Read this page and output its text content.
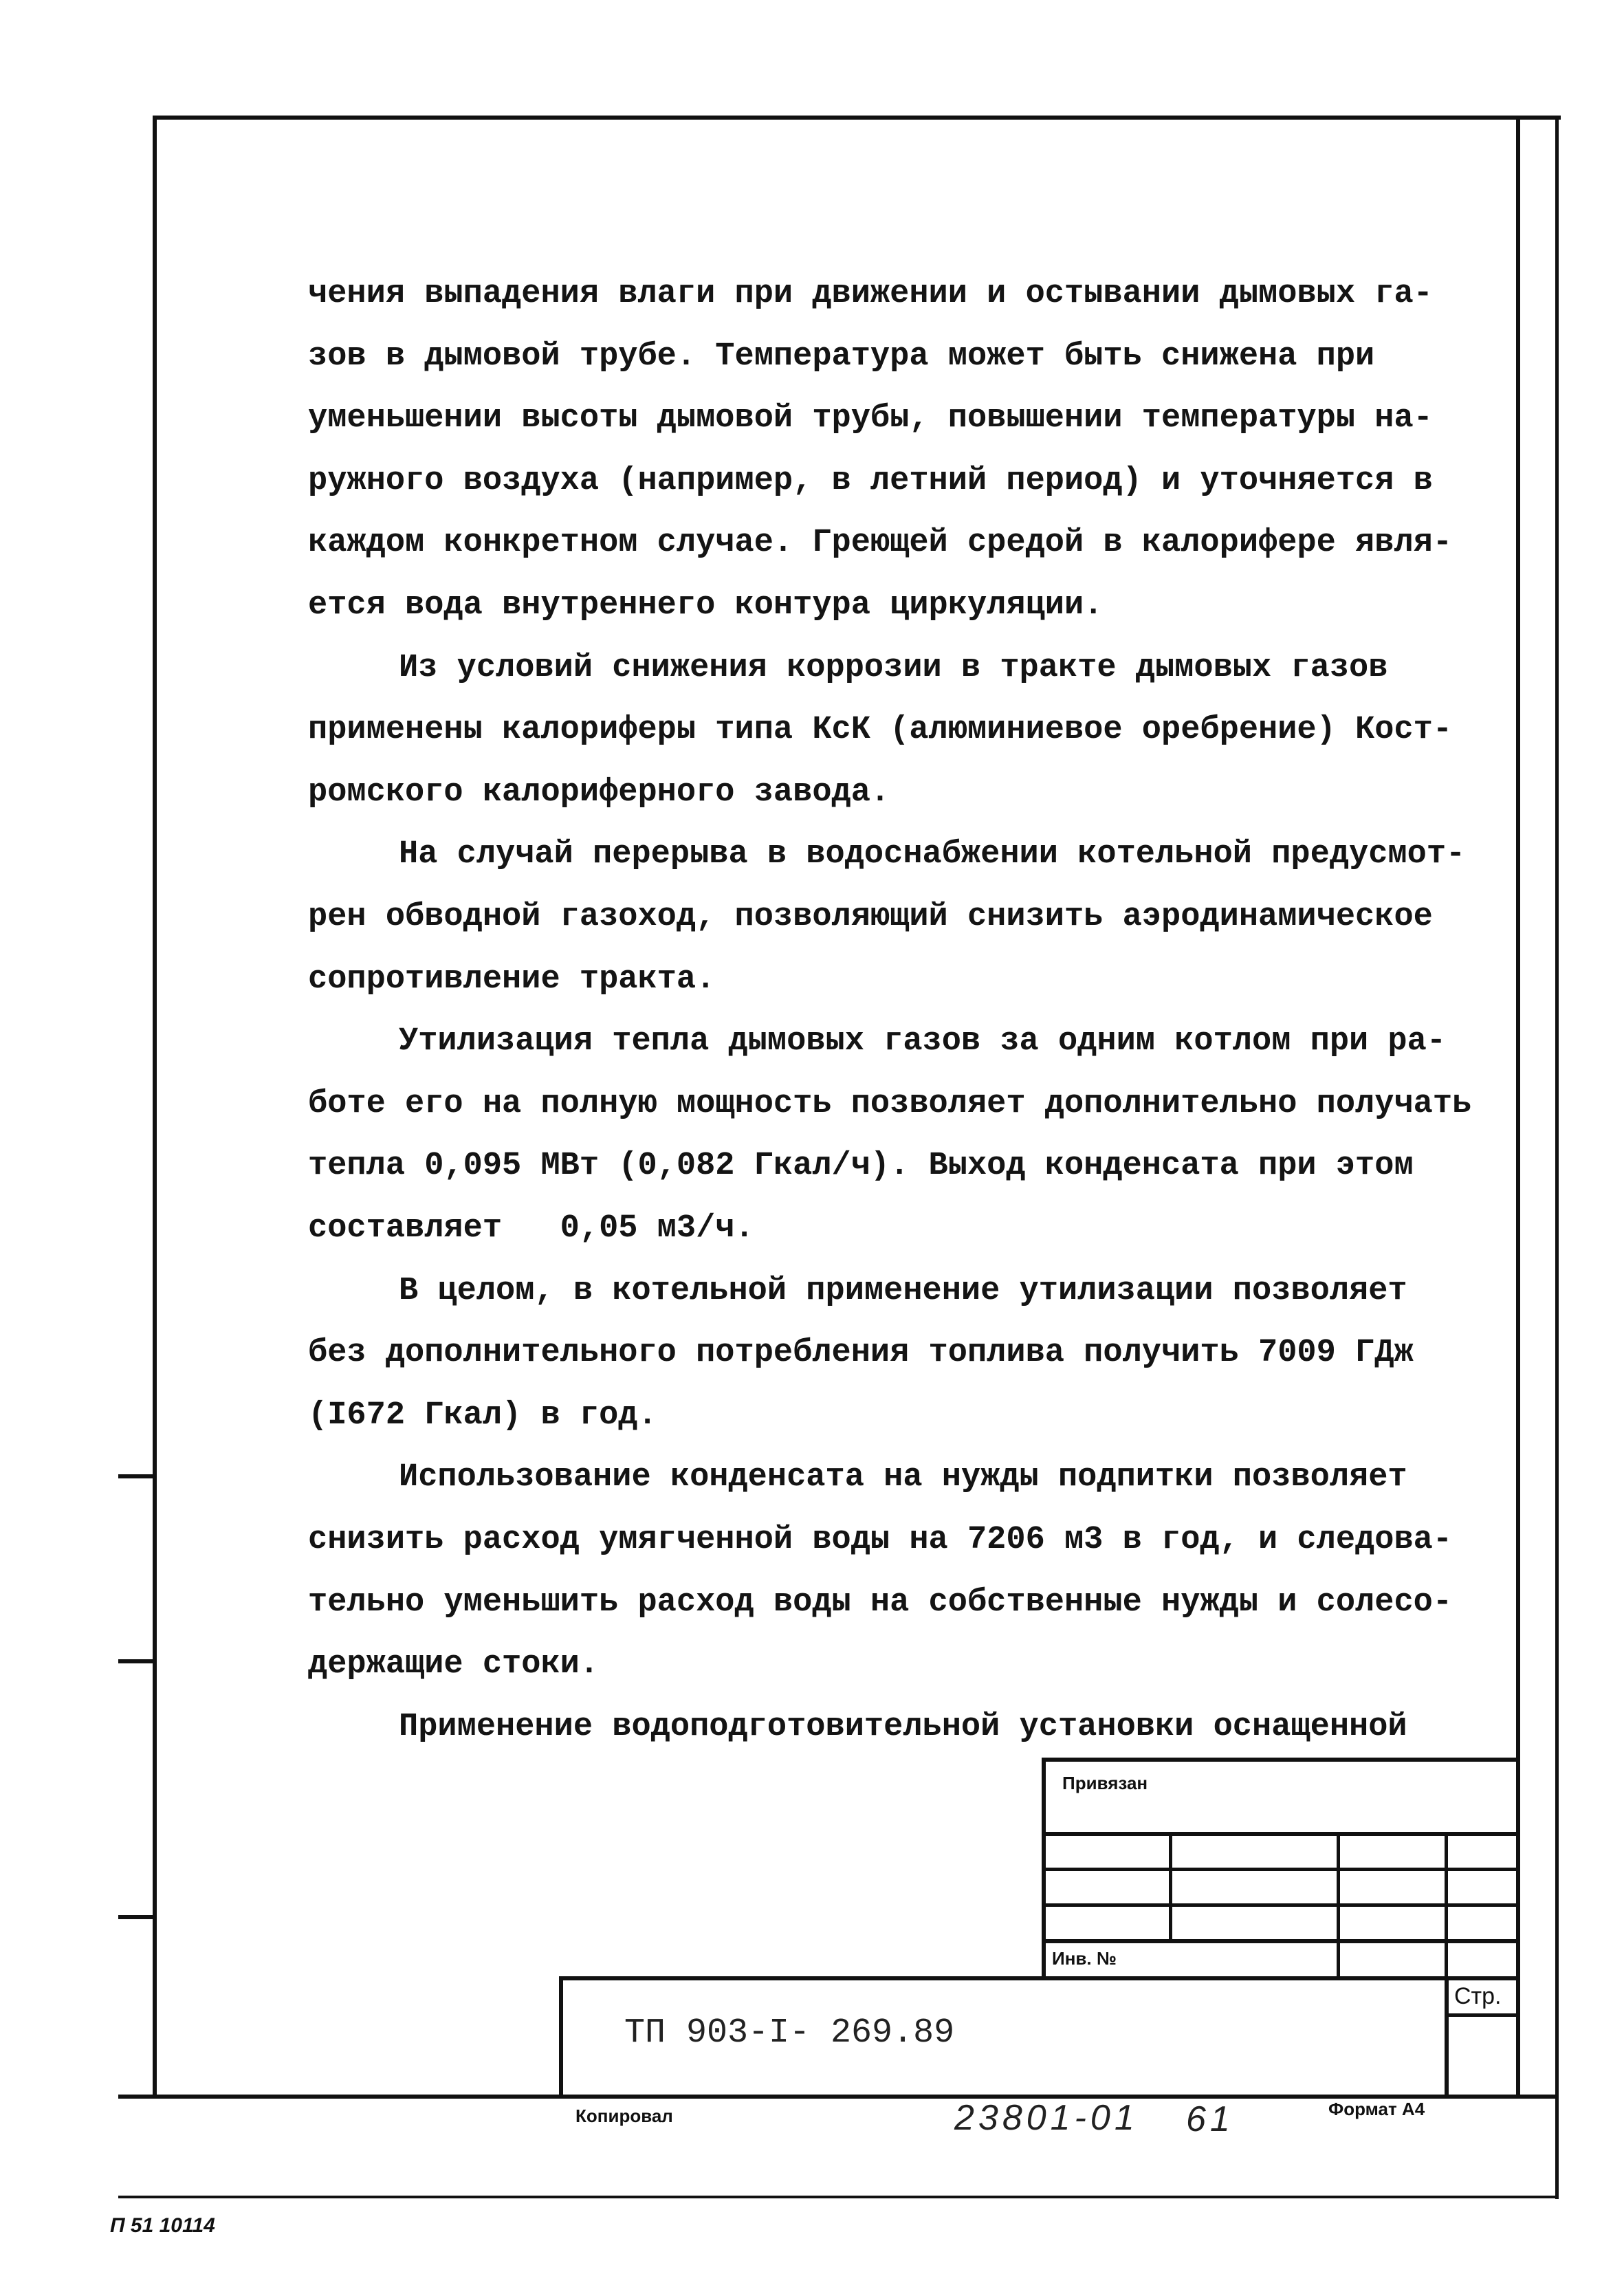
чения выпадения влаги при движении и остывании дымовых га-
зов в дымовой трубе. Температура может быть снижена при
уменьшении высоты дымовой трубы, повышении температуры на-
ружного воздуха (например, в летний период) и уточняется в
каждом конкретном случае. Греющей средой в калорифере явля-
ется вода внутреннего контура циркуляции.
Из условий снижения коррозии в тракте дымовых газов
применены калориферы типа КсК (алюминиевое оребрение) Кост-
ромского калориферного завода.
На случай перерыва в водоснабжении котельной предусмот-
рен обводной газоход, позволяющий снизить аэродинамическое
сопротивление тракта.
Утилизация тепла дымовых газов за одним котлом при ра-
боте его на полную мощность позволяет дополнительно получать
тепла 0,095 МВт (0,082 Гкал/ч). Выход конденсата при этом
составляет   0,05 м3/ч.
В целом, в котельной применение утилизации позволяет
без дополнительного потребления топлива получить 7009 ГДж
(I672 Гкал) в год.
Использование конденсата на нужды подпитки позволяет
снизить расход умягченной воды на 7206 м3 в год, и следова-
тельно уменьшить расход воды на собственные нужды и солесо-
держащие стоки.
Применение водоподготовительной установки оснащенной
Привязан
Инв. №
Стр.
ТП 903-I- 269.89
Копировал	23801-01 61	Формат А4
П 51 10114
